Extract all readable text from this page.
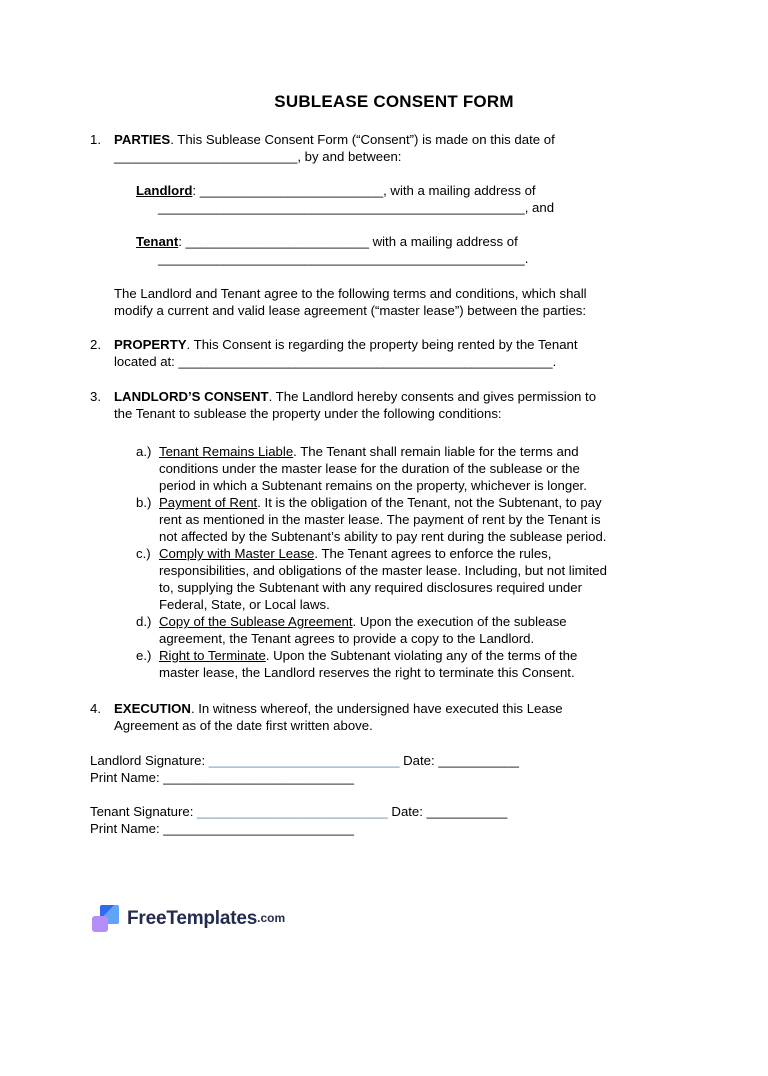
SUBLEASE CONSENT FORM
1. PARTIES. This Sublease Consent Form (“Consent”) is made on this date of
_________________________, by and between:
Landlord: _________________________, with a mailing address of
__________________________________________________, and
Tenant: _________________________ with a mailing address of
__________________________________________________.
The Landlord and Tenant agree to the following terms and conditions, which shall
modify a current and valid lease agreement (“master lease”) between the parties:
2. PROPERTY. This Consent is regarding the property being rented by the Tenant
located at: ___________________________________________________.
3. LANDLORD’S CONSENT. The Landlord hereby consents and gives permission to
the Tenant to sublease the property under the following conditions:
a.) Tenant Remains Liable. The Tenant shall remain liable for the terms and
conditions under the master lease for the duration of the sublease or the
period in which a Subtenant remains on the property, whichever is longer.
b.) Payment of Rent. It is the obligation of the Tenant, not the Subtenant, to pay
rent as mentioned in the master lease. The payment of rent by the Tenant is
not affected by the Subtenant’s ability to pay rent during the sublease period.
c.) Comply with Master Lease. The Tenant agrees to enforce the rules,
responsibilities, and obligations of the master lease. Including, but not limited
to, supplying the Subtenant with any required disclosures required under
Federal, State, or Local laws.
d.) Copy of the Sublease Agreement. Upon the execution of the sublease
agreement, the Tenant agrees to provide a copy to the Landlord.
e.) Right to Terminate. Upon the Subtenant violating any of the terms of the
master lease, the Landlord reserves the right to terminate this Consent.
4. EXECUTION. In witness whereof, the undersigned have executed this Lease
Agreement as of the date first written above.
Landlord Signature: __________________________ Date: ___________
Print Name: __________________________
Tenant Signature: __________________________ Date: ___________
Print Name: __________________________
FreeTemplates .com
